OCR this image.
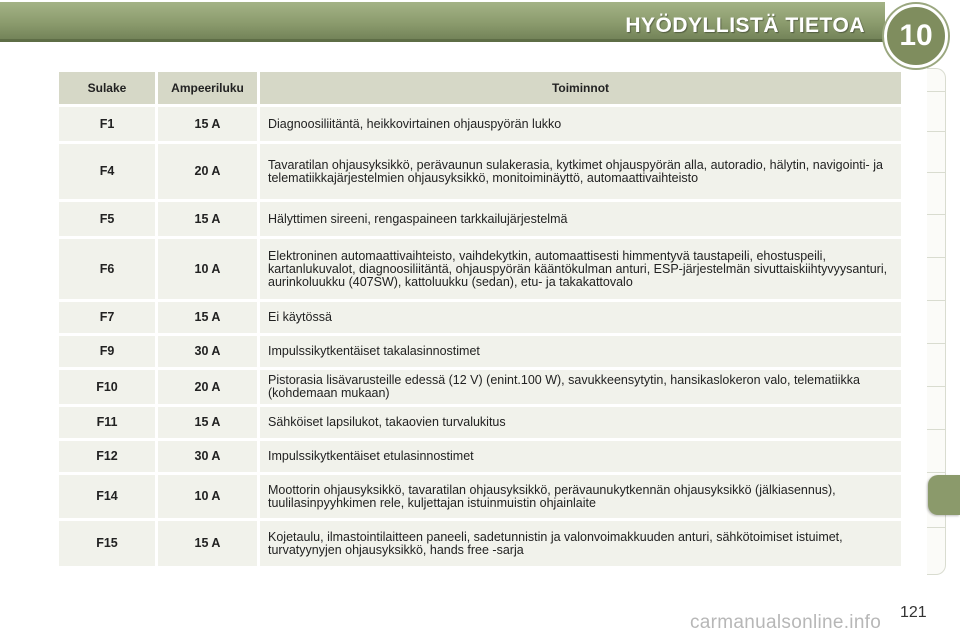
HYÖDYLLISTÄ TIETOA	10
Sulake	Ampeeriluku	Toiminnot
F1	15 A	Diagnoosiliitäntä, heikkovirtainen ohjauspyörän lukko
F4	20 A	Tavaratilan ohjausyksikkö, perävaunun sulakerasia, kytkimet ohjauspyörän alla, autoradio, hälytin, navigointi- ja telematiikkajärjestelmien ohjausyksikkö, monitoiminäyttö, automaattivaihteisto
F5	15 A	Hälyttimen sireeni, rengaspaineen tarkkailujärjestelmä
F6	10 A	Elektroninen automaattivaihteisto, vaihdekytkin, automaattisesti himmentyvä taustapeili, ehostuspeili, kartanlukuvalot, diagnoosiliitäntä, ohjauspyörän kääntökulman anturi, ESP-järjestelmän sivuttaiskiihtyvyysanturi, aurinkoluukku (407SW), kattoluukku (sedan), etu- ja takakattovalo
F7	15 A	Ei käytössä
F9	30 A	Impulssikytkentäiset takalasinnostimet
F10	20 A	Pistorasia lisävarusteille edessä (12 V) (enint.100 W), savukkeensytytin, hansikaslokeron valo, telematiikka (kohdemaan mukaan)
F11	15 A	Sähköiset lapsilukot, takaovien turvalukitus
F12	30 A	Impulssikytkentäiset etulasinnostimet
F14	10 A	Moottorin ohjausyksikkö, tavaratilan ohjausyksikkö, perävaunukytkennän ohjausyksikkö (jälkiasennus), tuulilasinpyyhkimen rele, kuljettajan istuinmuistin ohjainlaite
F15	15 A	Kojetaulu, ilmastointilaitteen paneeli, sadetunnistin ja valonvoimakkuuden anturi, sähkötoimiset istuimet, turvatyynyjen ohjausyksikkö, hands free -sarja
121
carmanualsonline.info
